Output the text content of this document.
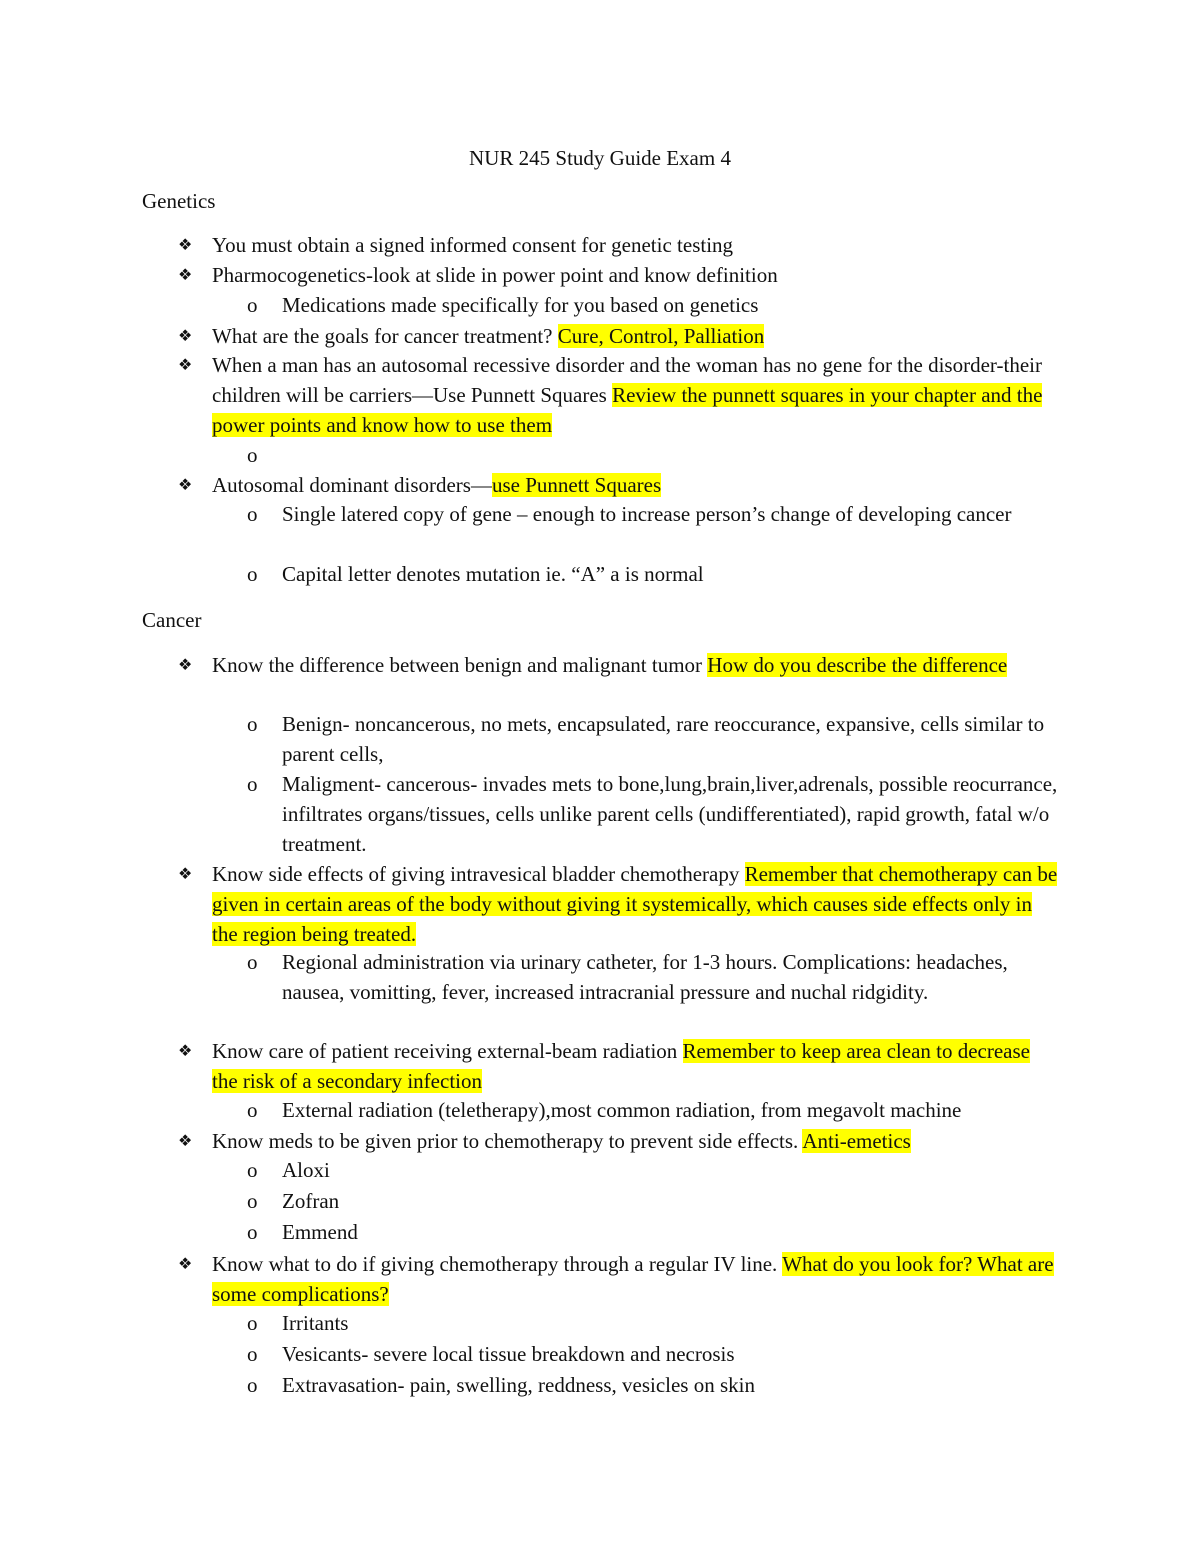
NUR 245 Study Guide Exam 4
Genetics
❖ You must obtain a signed informed consent for genetic testing
❖ Pharmocogenetics-look at slide in power point and know definition
o	Medications made specifically for you based on genetics
❖ What are the goals for cancer treatment? Cure, Control, Palliation
❖ When a man has an autosomal recessive disorder and the woman has no gene for the disorder-their children will be carriers—Use Punnett Squares Review the punnett squares in your chapter and the power points and know how to use them
o
❖ Autosomal dominant disorders—use Punnett Squares
o	Single latered copy of gene – enough to increase person’s change of developing cancer
o	Capital letter denotes mutation ie. “A” a is normal
Cancer
❖ Know the difference between benign and malignant tumor How do you describe the difference
o	Benign- noncancerous, no mets, encapsulated, rare reoccurance, expansive, cells similar to parent cells,
o	Maligment- cancerous- invades mets to bone,lung,brain,liver,adrenals, possible reocurrance, infiltrates organs/tissues, cells unlike parent cells (undifferentiated), rapid growth, fatal w/o treatment.
❖ Know side effects of giving intravesical bladder chemotherapy Remember that chemotherapy can be given in certain areas of the body without giving it systemically, which causes side effects only in the region being treated.
o	Regional administration via urinary catheter, for 1-3 hours. Complications: headaches, nausea, vomitting, fever, increased intracranial pressure and nuchal ridgidity.
❖ Know care of patient receiving external-beam radiation Remember to keep area clean to decrease the risk of a secondary infection
o	External radiation (teletherapy),most common radiation, from megavolt machine
❖ Know meds to be given prior to chemotherapy to prevent side effects. Anti-emetics
o	Aloxi
o	Zofran
o	Emmend
❖ Know what to do if giving chemotherapy through a regular IV line. What do you look for? What are some complications?
o	Irritants
o	Vesicants- severe local tissue breakdown and necrosis
o	Extravasation- pain, swelling, reddness, vesicles on skin
